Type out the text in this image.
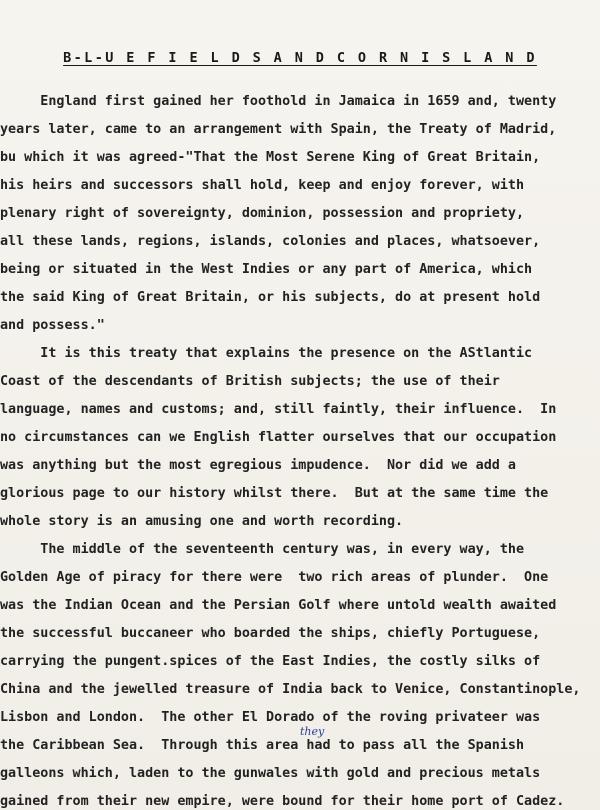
B-L-U E F I E L D S A N D C O R N I S L A N D
England first gained her foothold in Jamaica in 1659 and, twenty
years later, came to an arrangement with Spain, the Treaty of Madrid,
bu which it was agreed-"That the Most Serene King of Great Britain,
his heirs and successors shall hold, keep and enjoy forever, with
plenary right of sovereignty, dominion, possession and propriety,
all these lands, regions, islands, colonies and places, whatsoever,
being or situated in the West Indies or any part of America, which
the said King of Great Britain, or his subjects, do at present hold
and possess."
It is this treaty that explains the presence on the AStlantic
Coast of the descendants of British subjects; the use of their
language, names and customs; and, still faintly, their influence.  In
no circumstances can we English flatter ourselves that our occupation
was anything but the most egregious impudence.  Nor did we add a
glorious page to our history whilst there.  But at the same time the
whole story is an amusing one and worth recording.
The middle of the seventeenth century was, in every way, the
Golden Age of piracy for there were  two rich areas of plunder.  One
was the Indian Ocean and the Persian Golf where untold wealth awaited
the successful buccaneer who boarded the ships, chiefly Portuguese,
carrying the pungent.spices of the East Indies, the costly silks of
China and the jewelled treasure of India back to Venice, Constantinople,
Lisbon and London.  The other El Dorado of the roving privateer was
the Caribbean Sea.  Through this area had to pass all the Spanish
galleons which, laden to the gunwales with gold and precious metals
gained from their new empire, were bound for their home port of Cadez.
they
